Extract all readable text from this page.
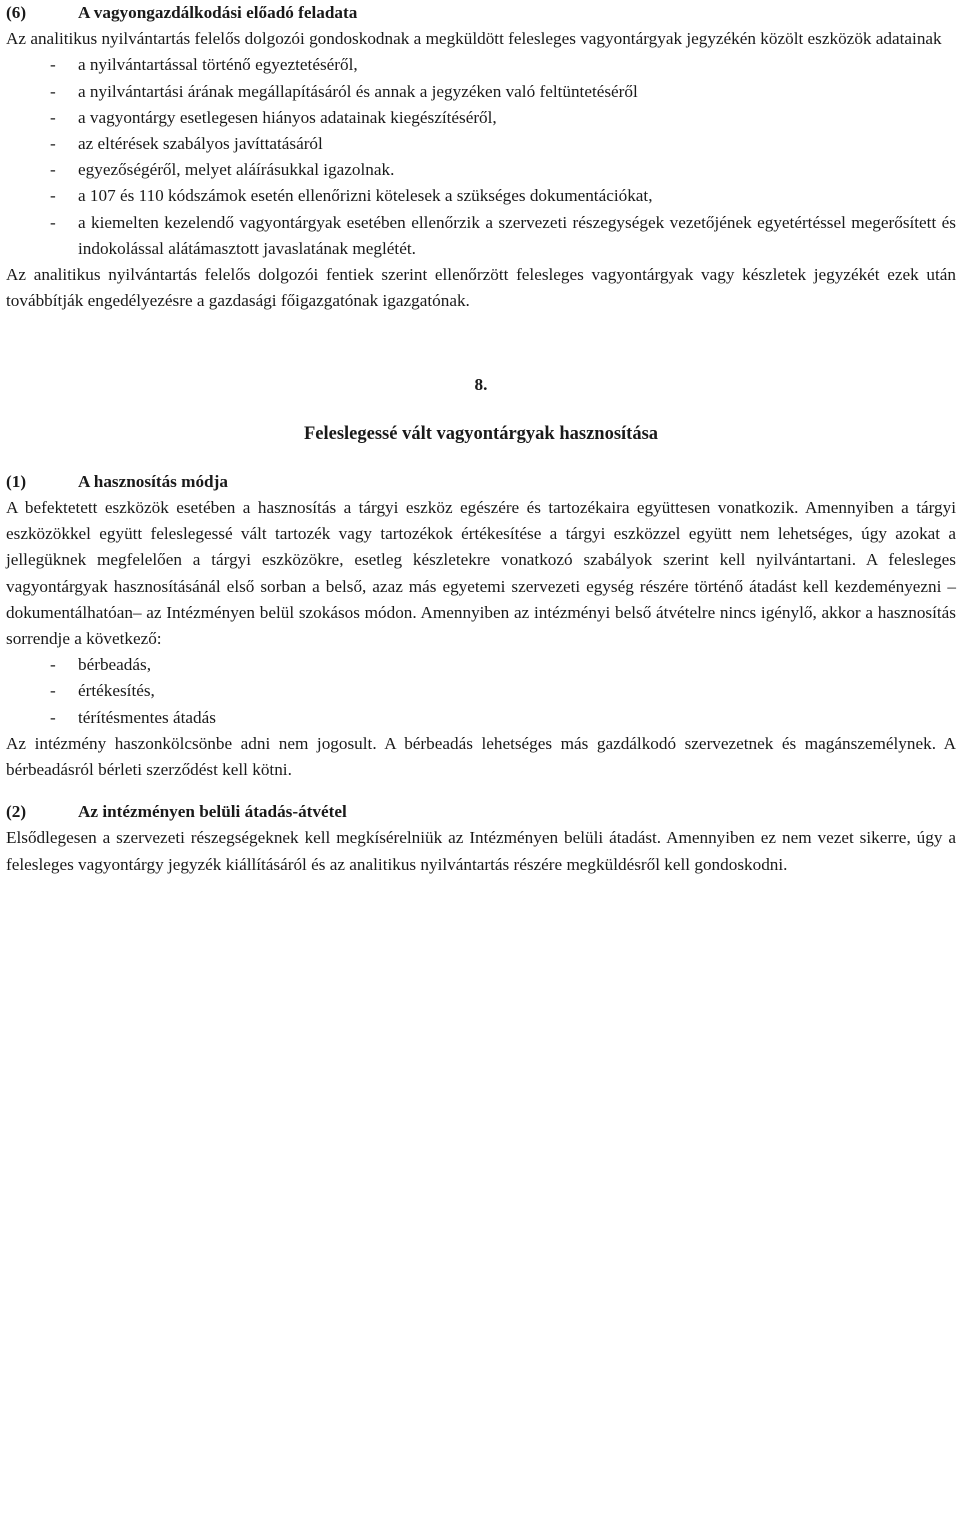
(6)	A vagyongazdálkodási előadó feladata

Az analitikus nyilvántartás felelős dolgozói gondoskodnak a megküldött felesleges vagyontárgyak jegyzékén közölt eszközök adatainak

- a nyilvántartással történő egyeztetéséről,
- a nyilvántartási árának megállapításáról és annak a jegyzéken való feltüntetéséről
- a vagyontárgy esetlegesen hiányos adatainak kiegészítéséről,
- az eltérések szabályos javíttatásáról
- egyezőségéről, melyet aláírásukkal igazolnak.
- a 107 és 110 kódszámok esetén ellenőrizni kötelesek a szükséges dokumentációkat,
- a kiemelten kezelendő vagyontárgyak esetében ellenőrzik a szervezeti részegységek vezetőjének egyetértéssel megerősített és indokolással alátámasztott javaslatának meglétét.

Az analitikus nyilvántartás felelős dolgozói fentiek szerint ellenőrzött felesleges vagyontárgyak vagy készletek jegyzékét ezek után továbbítják engedélyezésre a gazdasági főigazgatónak igazgatónak.

8.
Feleslegessé vált vagyontárgyak hasznosítása
(1)	A hasznosítás módja

A befektetett eszközök esetében a hasznosítás a tárgyi eszköz egészére és tartozékaira együttesen vonatkozik. Amennyiben a tárgyi eszközökkel együtt feleslegessé vált tartozék vagy tartozékok értékesítése a tárgyi eszközzel együtt nem lehetséges, úgy azokat a jellegüknek megfelelően a tárgyi eszközökre, esetleg készletekre vonatkozó szabályok szerint kell nyilvántartani. A felesleges vagyontárgyak hasznosításánál első sorban a belső, azaz más egyetemi szervezeti egység részére történő átadást kell kezdeményezni – dokumentálhatóan– az Intézményen belül szokásos módon. Amennyiben az intézményi belső átvételre nincs igénylő, akkor a hasznosítás sorrendje a következő:

- bérbeadás,
- értékesítés,
- térítésmentes átadás

Az intézmény haszonkölcsönbe adni nem jogosult. A bérbeadás lehetséges más gazdálkodó szervezetnek és magánszemélynek. A bérbeadásról bérleti szerződést kell kötni.

(2)	Az intézményen belüli átadás-átvétel

Elsődlegesen a szervezeti részegségeknek kell megkísérelniük az Intézményen belüli átadást. Amennyiben ez nem vezet sikerre, úgy a felesleges vagyontárgy jegyzék kiállításáról és az analitikus nyilvántartás részére megküldésről kell gondoskodni.
